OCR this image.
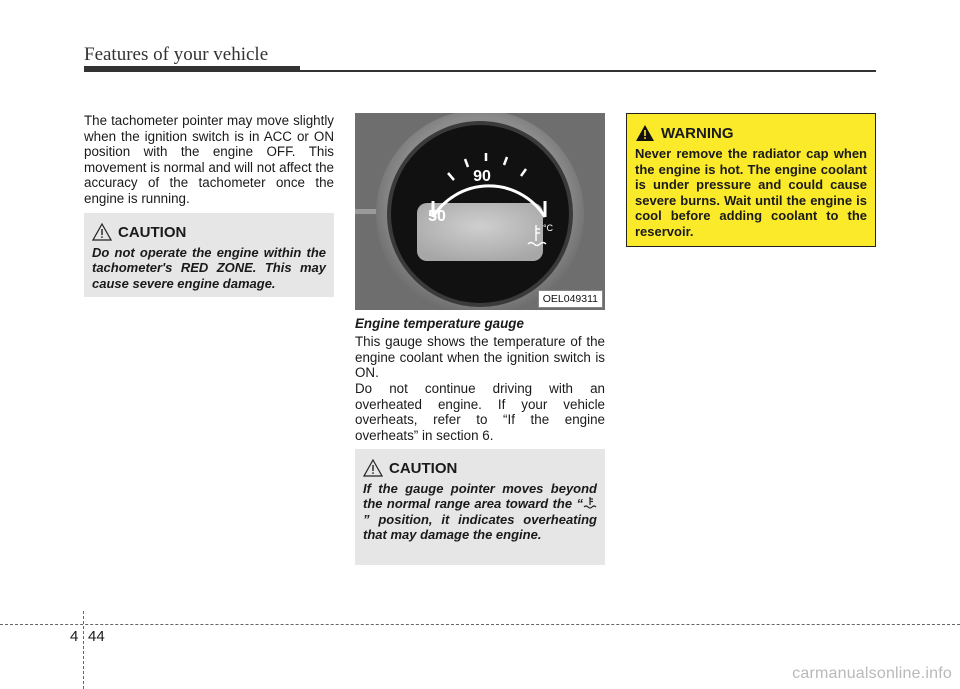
Features of your vehicle

The tachometer pointer may move slightly when the ignition switch is in ACC or ON position with the engine OFF. This movement is normal and will not affect the accuracy of the tachometer once the engine is running.

CAUTION

Do not operate the engine within the tachometer's RED ZONE. This may cause severe engine damage.

90
50
°C
OEL049311
Engine temperature gauge

This gauge shows the temperature of the engine coolant when the ignition switch is ON.

Do not continue driving with an overheated engine. If your vehicle overheats, refer to “If the engine overheats” in section 6.

CAUTION

If the gauge pointer moves beyond the normal range area toward the “” position, it indicates overheating that may damage the engine.

WARNING

Never remove the radiator cap when the engine is hot. The engine coolant is under pressure and could cause severe burns. Wait until the engine is cool before adding coolant to the reservoir.

4 44
carmanualsonline.info
